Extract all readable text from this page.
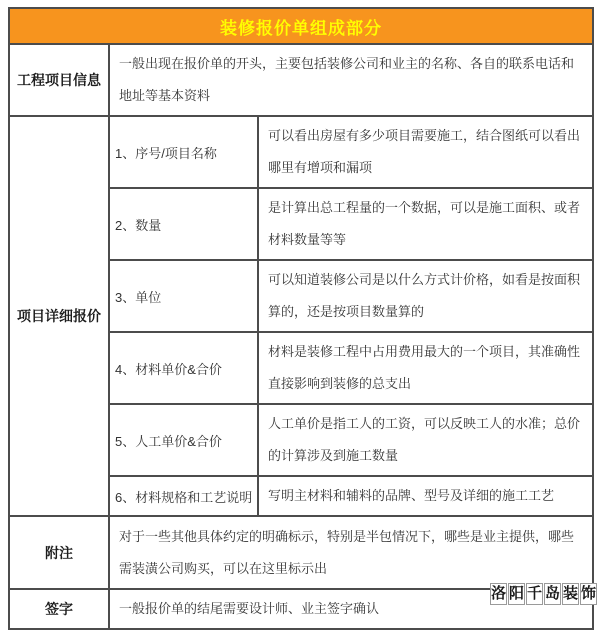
装修报价单组成部分		
工程项目信息	一般出现在报价单的开头，主要包括装修公司和业主的名称、各自的联系电话和地址等基本资料	
项目详细报价	1、序号/项目名称	可以看出房屋有多少项目需要施工，结合图纸可以看出哪里有增项和漏项
	2、数量	是计算出总工程量的一个数据，可以是施工面积、或者材料数量等等
	3、单位	可以知道装修公司是以什么方式计价格，如看是按面积算的，还是按项目数量算的
	4、材料单价&合价	材料是装修工程中占用费用最大的一个项目，其准确性直接影响到装修的总支出
	5、人工单价&合价	人工单价是指工人的工资，可以反映工人的水准；总价的计算涉及到施工数量
	6、材料规格和工艺说明	写明主材料和辅料的品牌、型号及详细的施工工艺
附注	对于一些其他具体约定的明确标示，特别是半包情况下，哪些是业主提供，哪些需装潢公司购买，可以在这里标示出	
签字	一般报价单的结尾需要设计师、业主签字确认	
洛 阳 千 岛 装 饰
